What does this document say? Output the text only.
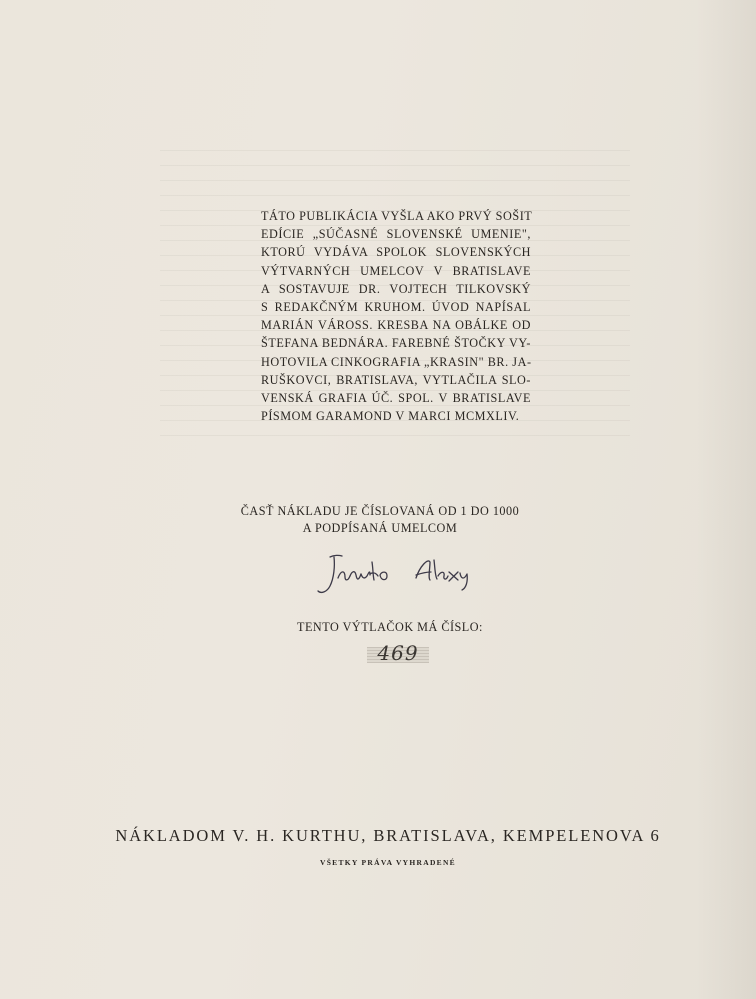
TÁTO PUBLIKÁCIA VYŠLA AKO PRVÝ SOŠIT
EDÍCIE „SÚČASNÉ SLOVENSKÉ UMENIE",
KTORÚ VYDÁVA SPOLOK SLOVENSKÝCH
VÝTVARNÝCH UMELCOV V BRATISLAVE
A SOSTAVUJE DR. VOJTECH TILKOVSKÝ
S REDAKČNÝM KRUHOM. ÚVOD NAPÍSAL
MARIÁN VÁROSS. KRESBA NA OBÁLKE OD
ŠTEFANA BEDNÁRA. FAREBNÉ ŠTOČKY VY-
HOTOVILA CINKOGRAFIA „KRASIN" BR. JA-
RUŠKOVCI, BRATISLAVA, VYTLAČILA SLO-
VENSKÁ GRAFIA ÚČ. SPOL. V BRATISLAVE
PÍSMOM GARAMOND V MARCI MCMXLIV.
ČASŤ NÁKLADU JE ČÍSLOVANÁ OD 1 DO 1000
A PODPÍSANÁ UMELCOM
TENTO VÝTLAČOK MÁ ČÍSLO:
469
NÁKLADOM V. H. KURTHU, BRATISLAVA, KEMPELENOVA 6
VŠETKY PRÁVA VYHRADENÉ
